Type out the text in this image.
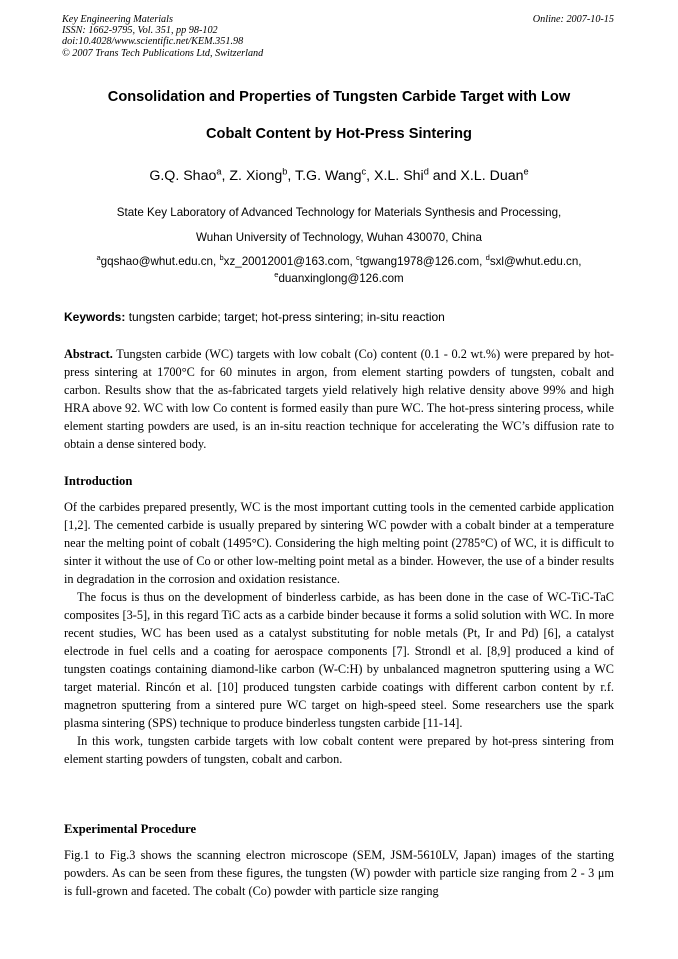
Key Engineering Materials
ISSN: 1662-9795, Vol. 351, pp 98-102
doi:10.4028/www.scientific.net/KEM.351.98
© 2007 Trans Tech Publications Ltd, Switzerland
Online: 2007-10-15
Consolidation and Properties of Tungsten Carbide Target with Low
Cobalt Content by Hot-Press Sintering
G.Q. Shao$^a$, Z. Xiong$^b$, T.G. Wang$^c$, X.L. Shi$^d$ and X.L. Duan$^e$
State Key Laboratory of Advanced Technology for Materials Synthesis and Processing,
Wuhan University of Technology, Wuhan 430070, China
$^a$gqshao@whut.edu.cn, $^b$xz_20012001@163.com, $^c$tgwang1978@126.com, $^d$sxl@whut.edu.cn,
$^e$duanxinglong@126.com
Keywords: tungsten carbide; target; hot-press sintering; in-situ reaction

Abstract. Tungsten carbide (WC) targets with low cobalt (Co) content (0.1 - 0.2 wt.%) were prepared by hot-press sintering at 1700°C for 60 minutes in argon, from element starting powders of tungsten, cobalt and carbon. Results show that the as-fabricated targets yield relatively high relative density above 99% and high HRA above 92. WC with low Co content is formed easily than pure WC. The hot-press sintering process, while element starting powders are used, is an in-situ reaction technique for accelerating the WC’s diffusion rate to obtain a dense sintered body.

Introduction

Of the carbides prepared presently, WC is the most important cutting tools in the cemented carbide application [1,2]. The cemented carbide is usually prepared by sintering WC powder with a cobalt binder at a temperature near the melting point of cobalt (1495°C). Considering the high melting point (2785°C) of WC, it is difficult to sinter it without the use of Co or other low-melting point metal as a binder. However, the use of a binder results in degradation in the corrosion and oxidation resistance.

The focus is thus on the development of binderless carbide, as has been done in the case of WC-TiC-TaC composites [3-5], in this regard TiC acts as a carbide binder because it forms a solid solution with WC. In more recent studies, WC has been used as a catalyst substituting for noble metals (Pt, Ir and Pd) [6], a catalyst electrode in fuel cells and a coating for aerospace components [7]. Strondl et al. [8,9] produced a kind of tungsten coatings containing diamond-like carbon (W-C:H) by unbalanced magnetron sputtering using a WC target material. Rincón et al. [10] produced tungsten carbide coatings with different carbon content by r.f. magnetron sputtering from a sintered pure WC target on high-speed steel. Some researchers use the spark plasma sintering (SPS) technique to produce binderless tungsten carbide [11-14].

In this work, tungsten carbide targets with low cobalt content were prepared by hot-press sintering from element starting powders of tungsten, cobalt and carbon.

Experimental Procedure

Fig.1 to Fig.3 shows the scanning electron microscope (SEM, JSM-5610LV, Japan) images of the starting powders. As can be seen from these figures, the tungsten (W) powder with particle size ranging from 2 - 3 μm is full-grown and faceted. The cobalt (Co) powder with particle size ranging
